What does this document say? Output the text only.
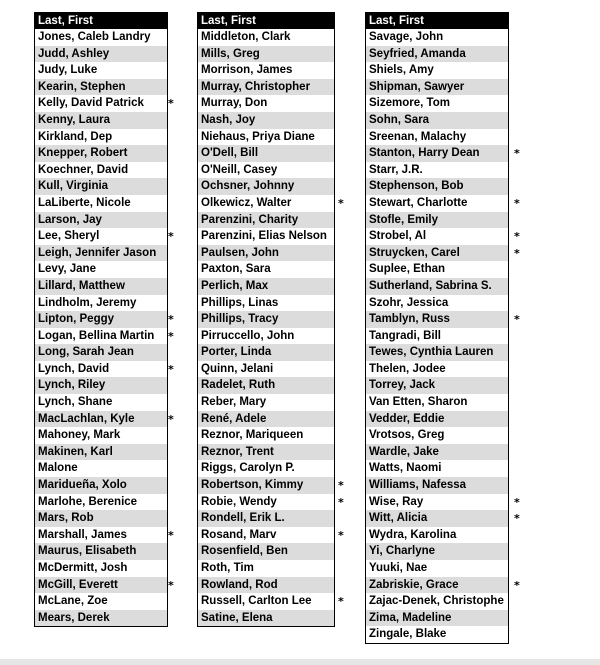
Last, First
Jones, Caleb Landry
Judd, Ashley
Judy, Luke
Kearin, Stephen
Kelly, David Patrick
Kenny, Laura
Kirkland, Dep
Knepper, Robert
Koechner, David
Kull, Virginia
LaLiberte, Nicole
Larson, Jay
Lee, Sheryl
Leigh, Jennifer Jason
Levy, Jane
Lillard, Matthew
Lindholm, Jeremy
Lipton, Peggy
Logan, Bellina Martin
Long, Sarah Jean
Lynch, David
Lynch, Riley
Lynch, Shane
MacLachlan, Kyle
Mahoney, Mark
Makinen, Karl
Malone
Maridueña, Xolo
Marlohe, Berenice
Mars, Rob
Marshall, James
Maurus, Elisabeth
McDermitt, Josh
McGill, Everett
McLane, Zoe
Mears, Derek
*
*
*
*
*
*
*
*
Last, First
Middleton, Clark
Mills, Greg
Morrison, James
Murray, Christopher
Murray, Don
Nash, Joy
Niehaus, Priya Diane
O'Dell, Bill
O'Neill, Casey
Ochsner, Johnny
Olkewicz, Walter
Parenzini, Charity
Parenzini, Elias Nelson
Paulsen, John
Paxton, Sara
Perlich, Max
Phillips, Linas
Phillips, Tracy
Pirruccello, John
Porter, Linda
Quinn, Jelani
Radelet, Ruth
Reber, Mary
René, Adele
Reznor, Mariqueen
Reznor, Trent
Riggs, Carolyn P.
Robertson, Kimmy
Robie, Wendy
Rondell, Erik L.
Rosand, Marv
Rosenfield, Ben
Roth, Tim
Rowland, Rod
Russell, Carlton Lee
Satine, Elena
*
*
*
*
*
Last, First
Savage, John
Seyfried, Amanda
Shiels, Amy
Shipman, Sawyer
Sizemore, Tom
Sohn, Sara
Sreenan, Malachy
Stanton, Harry Dean
Starr, J.R.
Stephenson, Bob
Stewart, Charlotte
Stofle, Emily
Strobel, Al
Struycken, Carel
Suplee, Ethan
Sutherland, Sabrina S.
Szohr, Jessica
Tamblyn, Russ
Tangradi, Bill
Tewes, Cynthia Lauren
Thelen, Jodee
Torrey, Jack
Van Etten, Sharon
Vedder, Eddie
Vrotsos, Greg
Wardle, Jake
Watts, Naomi
Williams, Nafessa
Wise, Ray
Witt, Alicia
Wydra, Karolina
Yi, Charlyne
Yuuki, Nae
Zabriskie, Grace
Zajac-Denek, Christophe
Zima, Madeline
Zingale, Blake
*
*
*
*
*
*
*
*
